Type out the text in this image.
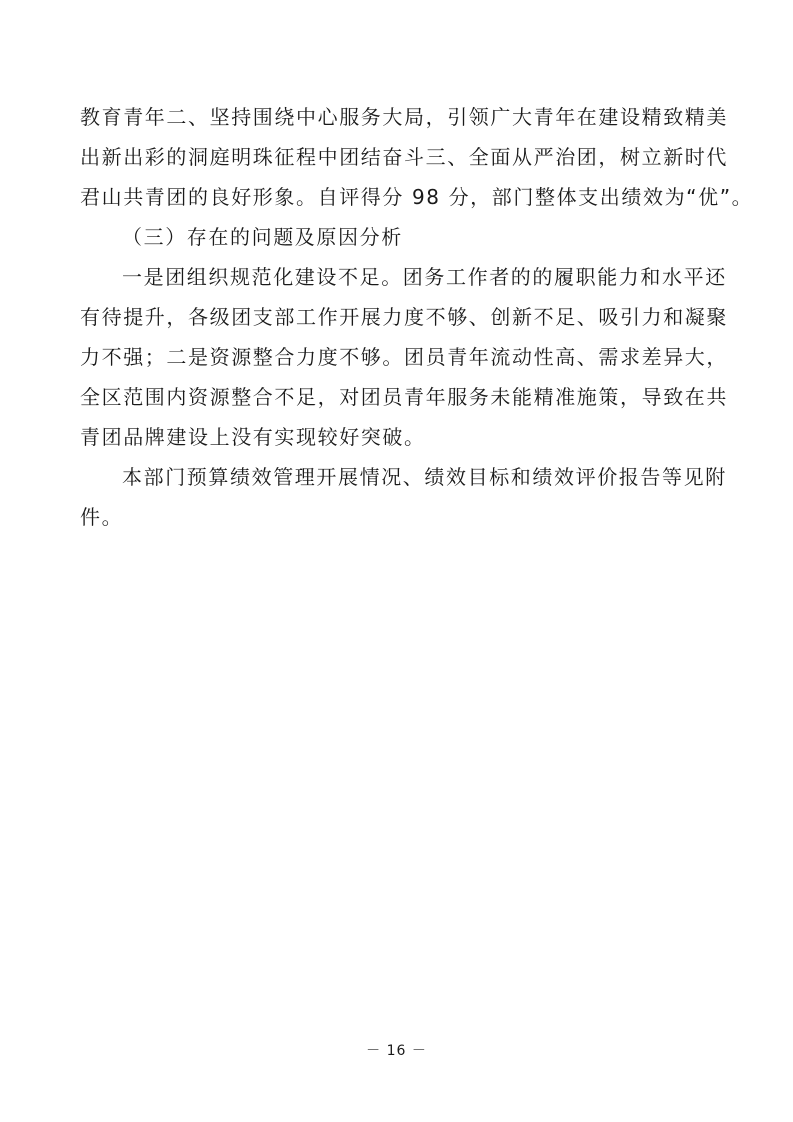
教育青年二、坚持围绕中心服务大局，引领广大青年在建设精致精美
出新出彩的洞庭明珠征程中团结奋斗三、全面从严治团，树立新时代
君山共青团的良好形象。自评得分 98 分，部门整体支出绩效为“优”。

（三）存在的问题及原因分析

一是团组织规范化建设不足。团务工作者的的履职能力和水平还
有待提升，各级团支部工作开展力度不够、创新不足、吸引力和凝聚
力不强；二是资源整合力度不够。团员青年流动性高、需求差异大，
全区范围内资源整合不足，对团员青年服务未能精准施策，导致在共
青团品牌建设上没有实现较好突破。

本部门预算绩效管理开展情况、绩效目标和绩效评价报告等见附
件。

－ 16 －
